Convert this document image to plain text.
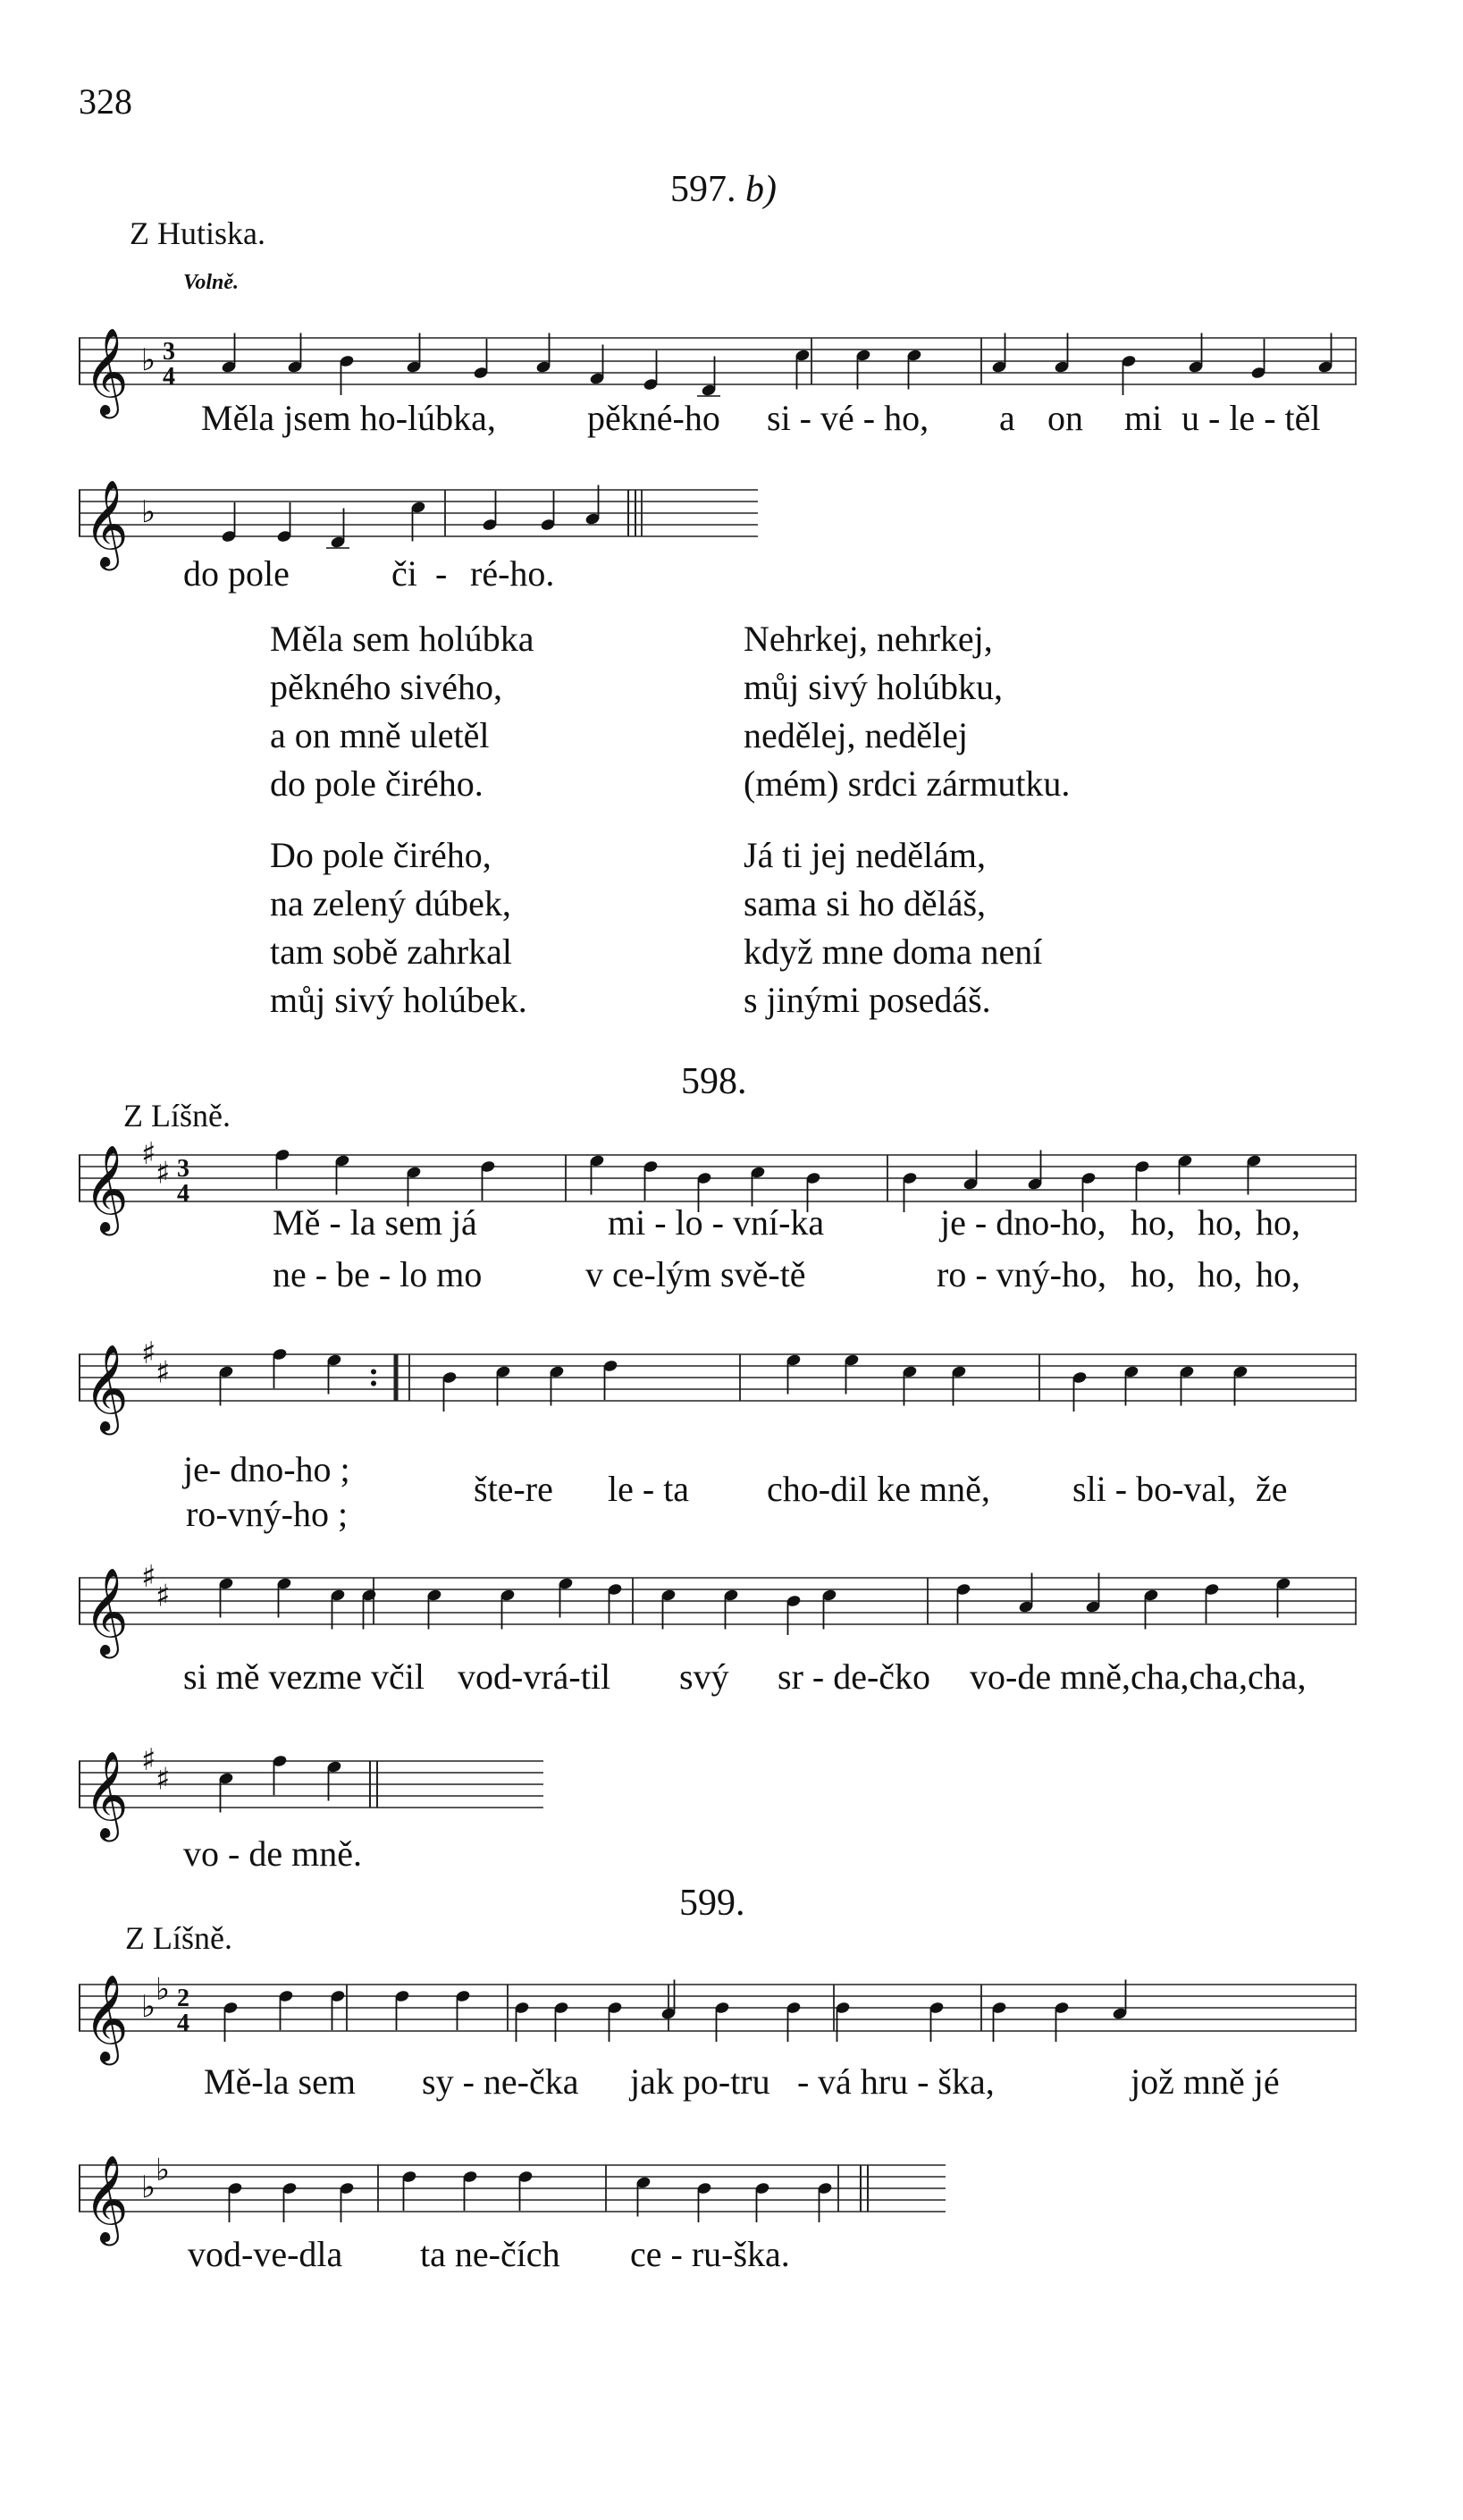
328
597. b)
Z Hutiska.
Volně.
𝄞 ♭ 3
4
Měla jsem ho-lúbka,	pěkné-ho si - vé - ho, a on mi u - le - těl
𝄞 ♭
do pole	či - ré-ho.
Měla sem holúbka
pěkného sivého,
a on mně uletěl
do pole čirého.
Nehrkej, nehrkej,
můj sivý holúbku,
nedělej, nedělej
(mém) srdci zármutku.
Do pole čirého,
na zelený dúbek,
tam sobě zahrkal
můj sivý holúbek.
Já ti jej nedělám,
sama si ho děláš,
když mne doma není
s jinými posedáš.
598.
Z Líšně.
𝄞 ♯
♯ 3
4
Mě - la sem já	mi - lo - vní-ka	je - dno-ho, ho, ho, ho,
ne - be - lo mo	v ce-lým svě-tě	ro - vný-ho, ho, ho, ho,
𝄞 ♯
♯
je- dno-ho ;
ro-vný-ho ;
šte-re le - ta cho-dil ke mně, sli - bo-val, že
𝄞 ♯
♯
si mě vezme včil vod-vrá-til svý sr - de-čko vo-de mně,cha,cha,cha,
𝄞 ♯
♯
vo - de mně.
599.
Z Líšně.
𝄞 ♭ ♭ 2
4
Mě-la sem sy - ne-čka jak po-tru - vá hru - ška,	jož mně jé
𝄞 ♭ ♭
vod-ve-dla ta ne-čích ce - ru-ška.
